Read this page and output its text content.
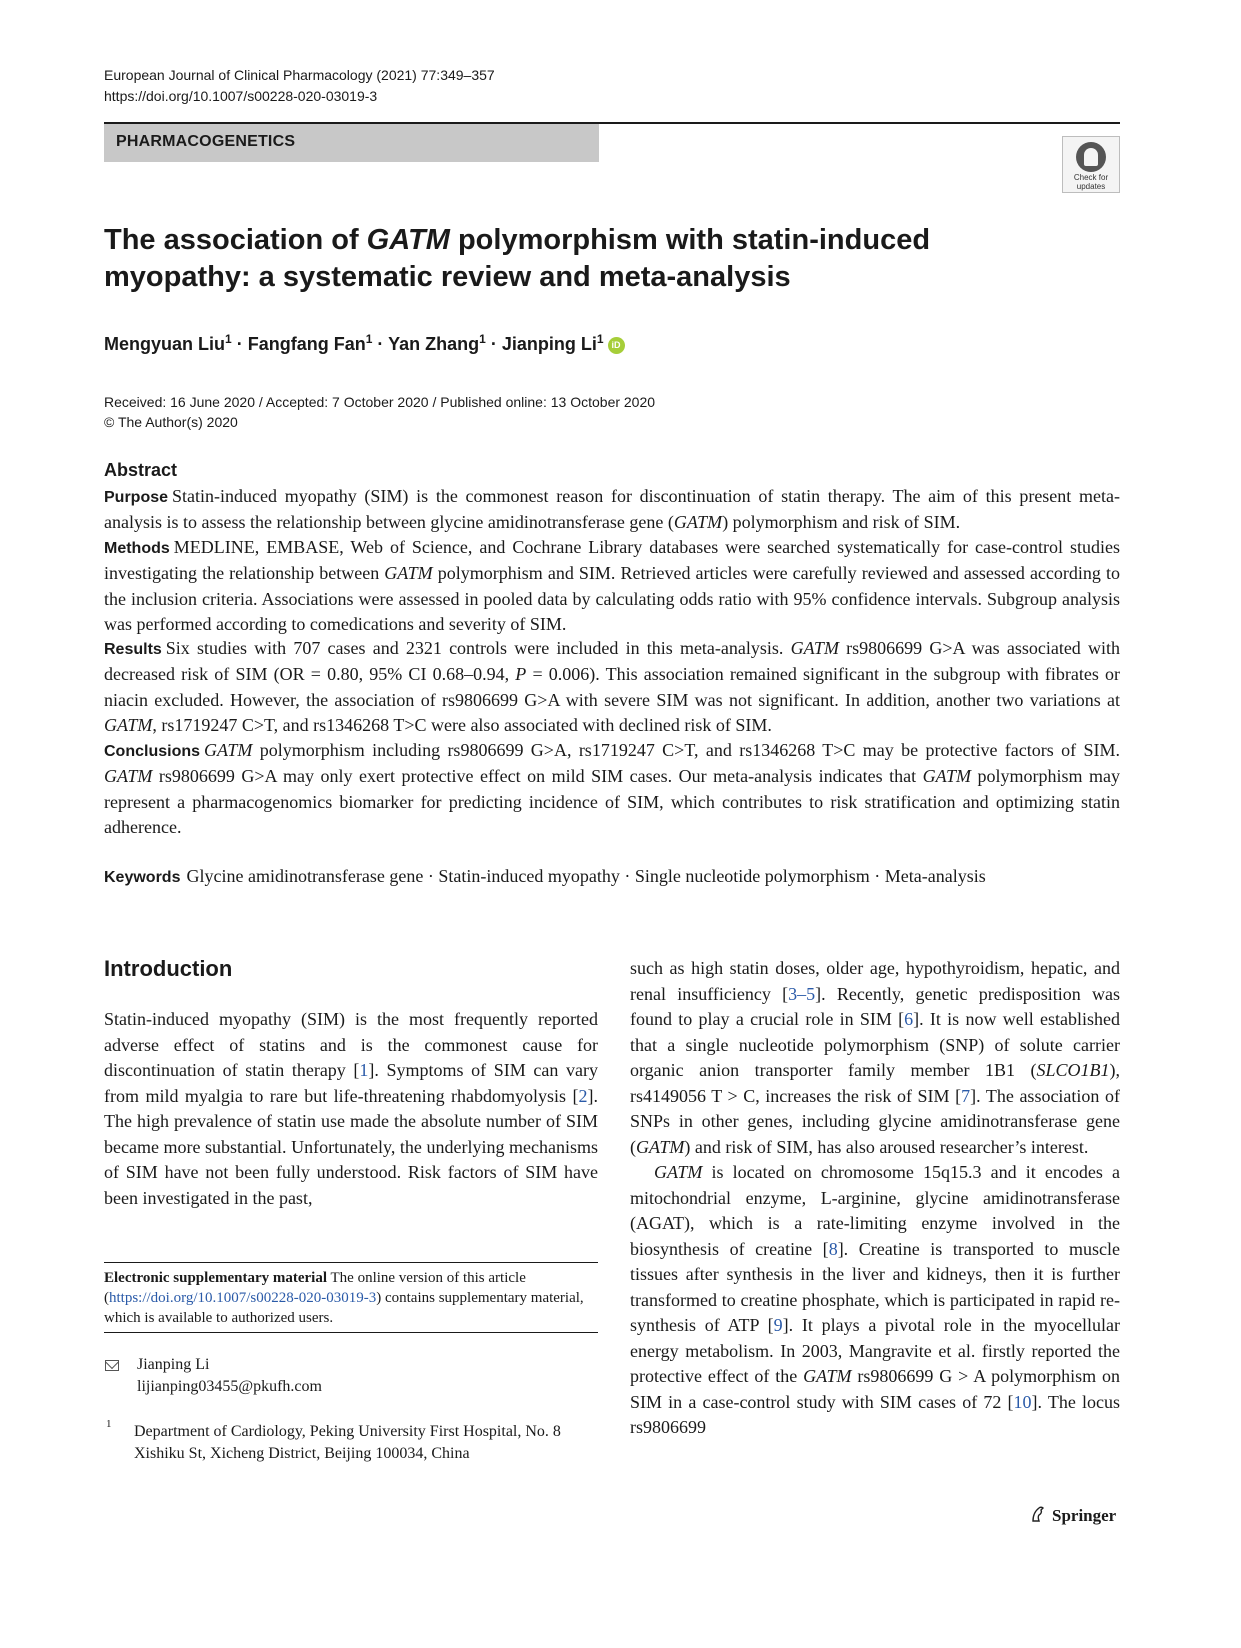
European Journal of Clinical Pharmacology (2021) 77:349–357
https://doi.org/10.1007/s00228-020-03019-3
PHARMACOGENETICS
Check for
updates
The association of GATM polymorphism with statin-induced myopathy: a systematic review and meta-analysis
Mengyuan Liu$^1$ · Fangfang Fan$^1$ · Yan Zhang$^1$ · Jianping Li$^1$ iD
Received: 16 June 2020 / Accepted: 7 October 2020 / Published online: 13 October 2020
© The Author(s) 2020
Abstract
Purpose Statin-induced myopathy (SIM) is the commonest reason for discontinuation of statin therapy. The aim of this present meta-analysis is to assess the relationship between glycine amidinotransferase gene (GATM) polymorphism and risk of SIM.
Methods MEDLINE, EMBASE, Web of Science, and Cochrane Library databases were searched systematically for case-control studies investigating the relationship between GATM polymorphism and SIM. Retrieved articles were carefully reviewed and assessed according to the inclusion criteria. Associations were assessed in pooled data by calculating odds ratio with 95% confidence intervals. Subgroup analysis was performed according to comedications and severity of SIM.
Results Six studies with 707 cases and 2321 controls were included in this meta-analysis. GATM rs9806699 G>A was associated with decreased risk of SIM (OR = 0.80, 95% CI 0.68–0.94, P = 0.006). This association remained significant in the subgroup with fibrates or niacin excluded. However, the association of rs9806699 G>A with severe SIM was not significant. In addition, another two variations at GATM, rs1719247 C>T, and rs1346268 T>C were also associated with declined risk of SIM.
Conclusions GATM polymorphism including rs9806699 G>A, rs1719247 C>T, and rs1346268 T>C may be protective factors of SIM. GATM rs9806699 G>A may only exert protective effect on mild SIM cases. Our meta-analysis indicates that GATM polymorphism may represent a pharmacogenomics biomarker for predicting incidence of SIM, which contributes to risk stratification and optimizing statin adherence.
Keywords Glycine amidinotransferase gene · Statin-induced myopathy · Single nucleotide polymorphism · Meta-analysis
Introduction
Statin-induced myopathy (SIM) is the most frequently reported adverse effect of statins and is the commonest cause for discontinuation of statin therapy [1]. Symptoms of SIM can vary from mild myalgia to rare but life-threatening rhabdomyolysis [2]. The high prevalence of statin use made the absolute number of SIM became more substantial. Unfortunately, the underlying mechanisms of SIM have not been fully understood. Risk factors of SIM have been investigated in the past,

such as high statin doses, older age, hypothyroidism, hepatic, and renal insufficiency [3–5]. Recently, genetic predisposition was found to play a crucial role in SIM [6]. It is now well established that a single nucleotide polymorphism (SNP) of solute carrier organic anion transporter family member 1B1 (SLCO1B1), rs4149056 T > C, increases the risk of SIM [7]. The association of SNPs in other genes, including glycine amidinotransferase gene (GATM) and risk of SIM, has also aroused researcher’s interest.

GATM is located on chromosome 15q15.3 and it encodes a mitochondrial enzyme, L-arginine, glycine amidinotransferase (AGAT), which is a rate-limiting enzyme involved in the biosynthesis of creatine [8]. Creatine is transported to muscle tissues after synthesis in the liver and kidneys, then it is further transformed to creatine phosphate, which is participated in rapid re-synthesis of ATP [9]. It plays a pivotal role in the myocellular energy metabolism. In 2003, Mangravite et al. firstly reported the protective effect of the GATM rs9806699 G > A polymorphism on SIM in a case-control study with SIM cases of 72 [10]. The locus rs9806699

Electronic supplementary material The online version of this article (https://doi.org/10.1007/s00228-020-03019-3) contains supplementary material, which is available to authorized users.
Jianping Li
lijianping03455@pkufh.com
1 Department of Cardiology, Peking University First Hospital, No. 8 Xishiku St, Xicheng District, Beijing 100034, China
Springer
